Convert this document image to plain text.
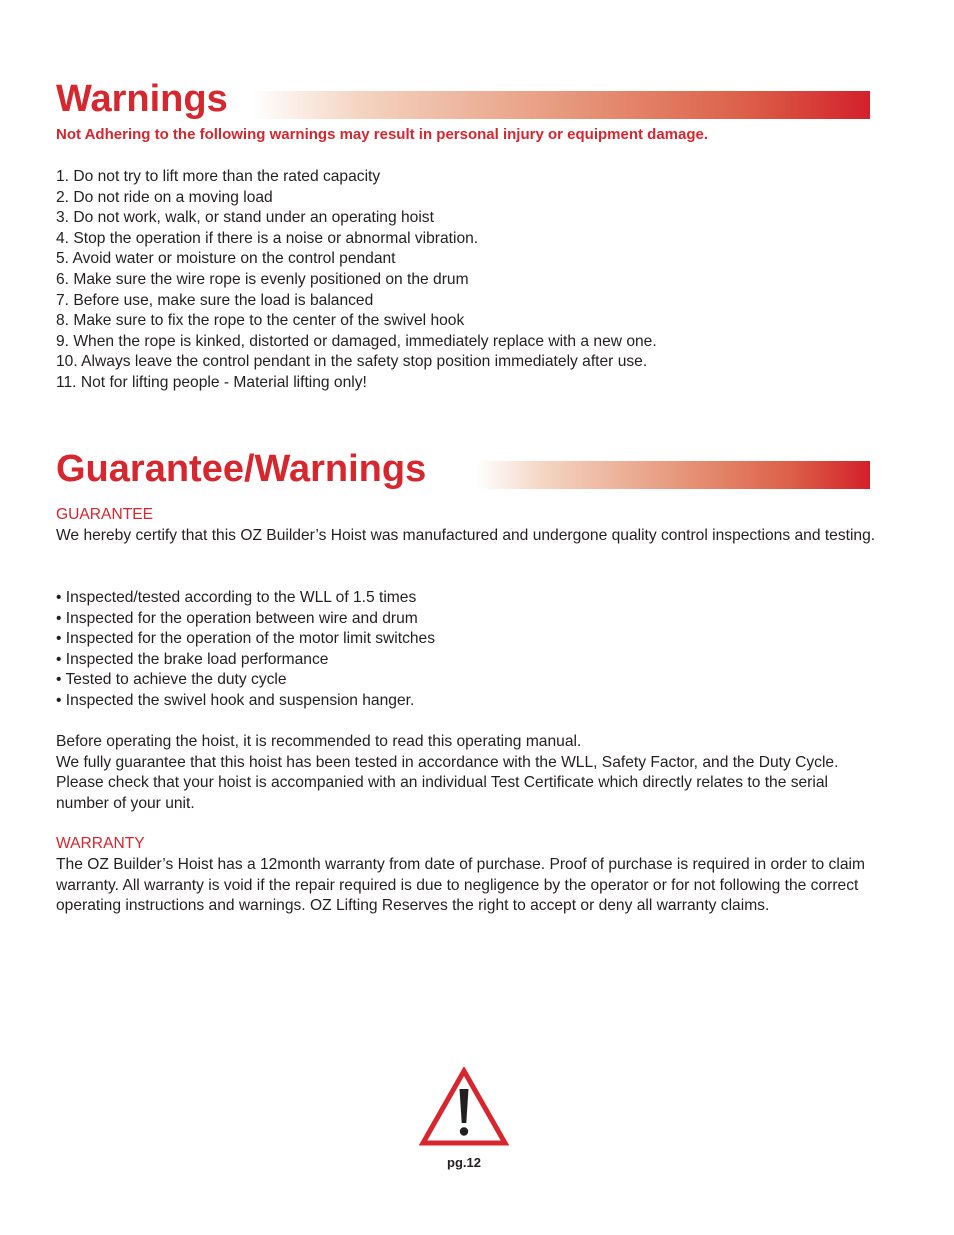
Warnings
Not Adhering to the following warnings may result in personal injury or equipment damage.
1. Do not try to lift more than the rated capacity
2. Do not ride on a moving load
3. Do not work, walk, or stand under an operating hoist
4. Stop the operation if there is a noise or abnormal vibration.
5. Avoid water or moisture on the control pendant
6. Make sure the wire rope is evenly positioned on the drum
7. Before use, make sure the load is balanced
8. Make sure to fix the rope to the center of the swivel hook
9. When the rope is kinked, distorted or damaged, immediately replace with a new one.
10. Always leave the control pendant in the safety stop position immediately after use.
11. Not for lifting people - Material lifting only!
Guarantee/Warnings
GUARANTEE

We hereby certify that this OZ Builder’s Hoist was manufactured and undergone quality control inspections and testing.

• Inspected/tested according to the WLL of 1.5 times
• Inspected for the operation between wire and drum
• Inspected for the operation of the motor limit switches
• Inspected the brake load performance
• Tested to achieve the duty cycle
• Inspected the swivel hook and suspension hanger.
Before operating the hoist, it is recommended to read this operating manual.
We fully guarantee that this hoist has been tested in accordance with the WLL, Safety Factor, and the Duty Cycle. Please check that your hoist is accompanied with an individual Test Certificate which directly relates to the serial number of your unit.
WARRANTY

The OZ Builder’s Hoist has a 12month warranty from date of purchase. Proof of purchase is required in order to claim warranty. All warranty is void if the repair required is due to negligence by the operator or for not following the correct operating instructions and warnings. OZ Lifting Reserves the right to accept or deny all warranty claims.

pg.12
